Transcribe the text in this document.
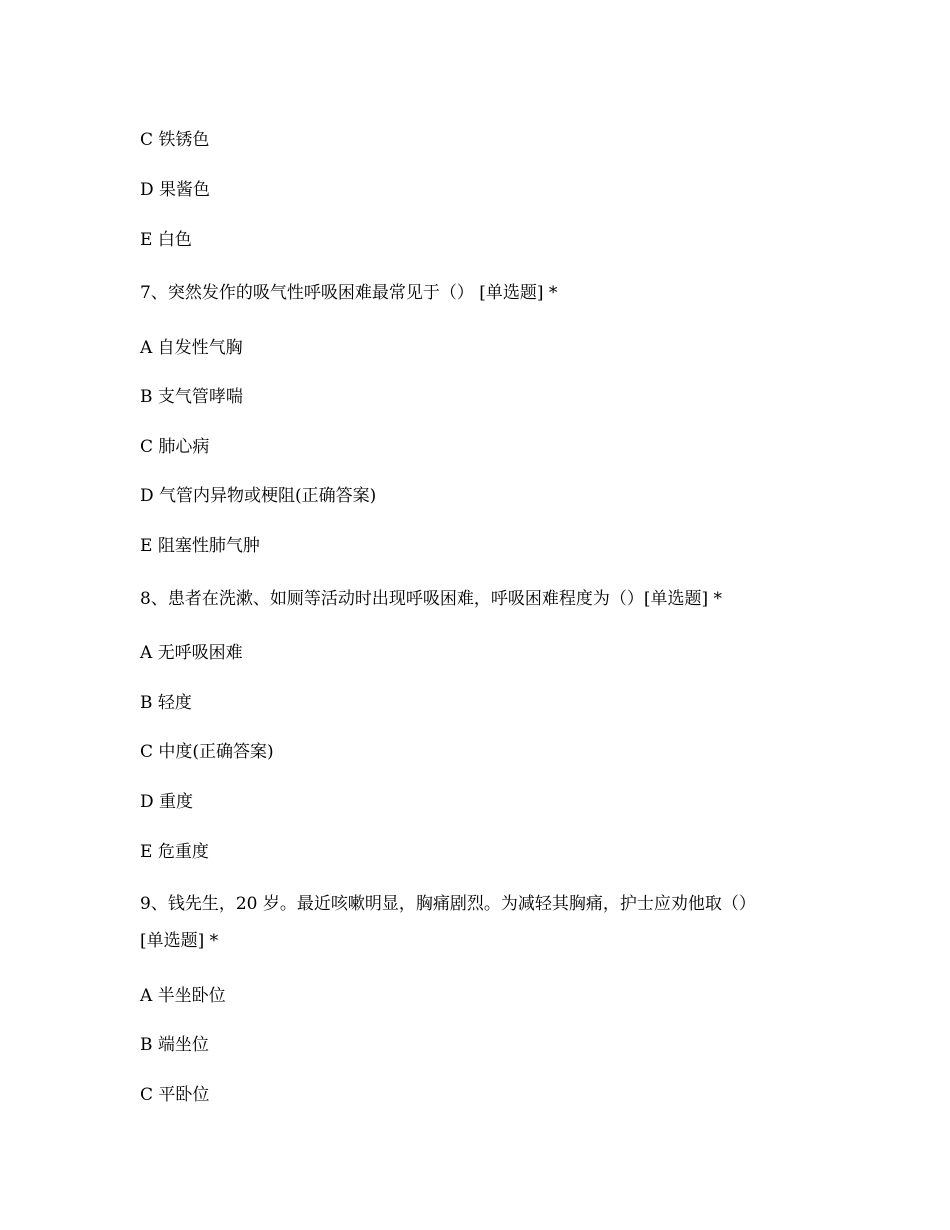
C 铁锈色
D 果酱色
E 白色
7、突然发作的吸气性呼吸困难最常见于（） [单选题] *
A 自发性气胸
B 支气管哮喘
C 肺心病
D 气管内异物或梗阻(正确答案)
E 阻塞性肺气肿
8、患者在洗漱、如厕等活动时出现呼吸困难，呼吸困难程度为（）[单选题] *
A 无呼吸困难
B 轻度
C 中度(正确答案)
D 重度
E 危重度
9、钱先生，20 岁。最近咳嗽明显，胸痛剧烈。为减轻其胸痛，护士应劝他取（）
[单选题] *
A 半坐卧位
B 端坐位
C 平卧位
